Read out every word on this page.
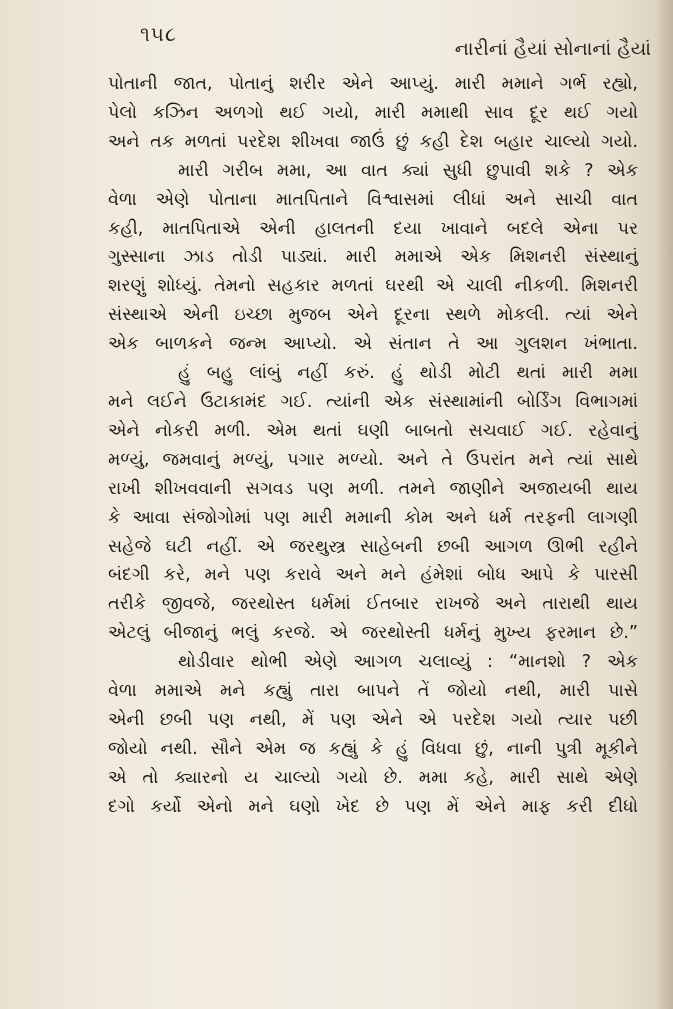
૧૫૮
નારીનાં હૈયાં સોનાનાં હૈયાં
પોતાની જાત, પોતાનું શરીર એને આપ્યું. મારી મમાને ગર્ભ રહ્યો,
પેલો કઝિન અળગો થઈ ગયો, મારી મમાથી સાવ દૂર થઈ ગયો
અને તક મળતાં પરદેશ શીખવા જાઉં છું કહી દેશ બહાર ચાલ્યો ગયો.
મારી ગરીબ મમા, આ વાત ક્યાં સુધી છુપાવી શકે ? એક
વેળા એણે પોતાના માતપિતાને વિશ્વાસમાં લીધાં અને સાચી વાત
કહી, માતપિતાએ એની હાલતની દયા ખાવાને બદલે એના પર
ગુસ્સાના ઝાડ તોડી પાડ્યાં. મારી મમાએ એક મિશનરી સંસ્થાનું
શરણું શોધ્યું. તેમનો સહકાર મળતાં ઘરથી એ ચાલી નીકળી. મિશનરી
સંસ્થાએ એની ઇચ્છા મુજબ એને દૂરના સ્થળે મોકલી. ત્યાં એને
એક બાળકને જન્મ આપ્યો. એ સંતાન તે આ ગુલશન ખંભાતા.
હું બહુ લાંબું નહીં કરું. હું થોડી મોટી થતાં મારી મમા
મને લઈને ઉટાકામંદ ગઈ. ત્યાંની એક સંસ્થામાંની બોર્ડિંગ વિભાગમાં
એને નોકરી મળી. એમ થતાં ઘણી બાબતો સચવાઈ ગઈ. રહેવાનું
મળ્યું, જમવાનું મળ્યું, પગાર મળ્યો. અને તે ઉપરાંત મને ત્યાં સાથે
રાખી શીખવવાની સગવડ પણ મળી. તમને જાણીને અજાયબી થાય
કે આવા સંજોગોમાં પણ મારી મમાની કોમ અને ધર્મ તરફની લાગણી
સહેજે ઘટી નહીં. એ જરથુસ્ત્ર સાહેબની છબી આગળ ઊભી રહીને
બંદગી કરે, મને પણ કરાવે અને મને હંમેશાં બોધ આપે કે પારસી
તરીકે જીવજે, જરથોસ્ત ધર્મમાં ઈતબાર રાખજે અને તારાથી થાય
એટલું બીજાનું ભલું કરજે. એ જરથોસ્તી ધર્મનું મુખ્ય ફરમાન છે.”
થોડીવાર થોભી એણે આગળ ચલાવ્યું : “માનશો ? એક
વેળા મમાએ મને કહ્યું તારા બાપને તેં જોયો નથી, મારી પાસે
એની છબી પણ નથી, મેં પણ એને એ પરદેશ ગયો ત્યાર પછી
જોયો નથી. સૌને એમ જ કહ્યું કે હું વિધવા છું, નાની પુત્રી મૂકીને
એ તો ક્યારનો ય ચાલ્યો ગયો છે. મમા કહે, મારી સાથે એણે
દગો કર્યો એનો મને ઘણો ખેદ છે પણ મેં એને માફ કરી દીધો
